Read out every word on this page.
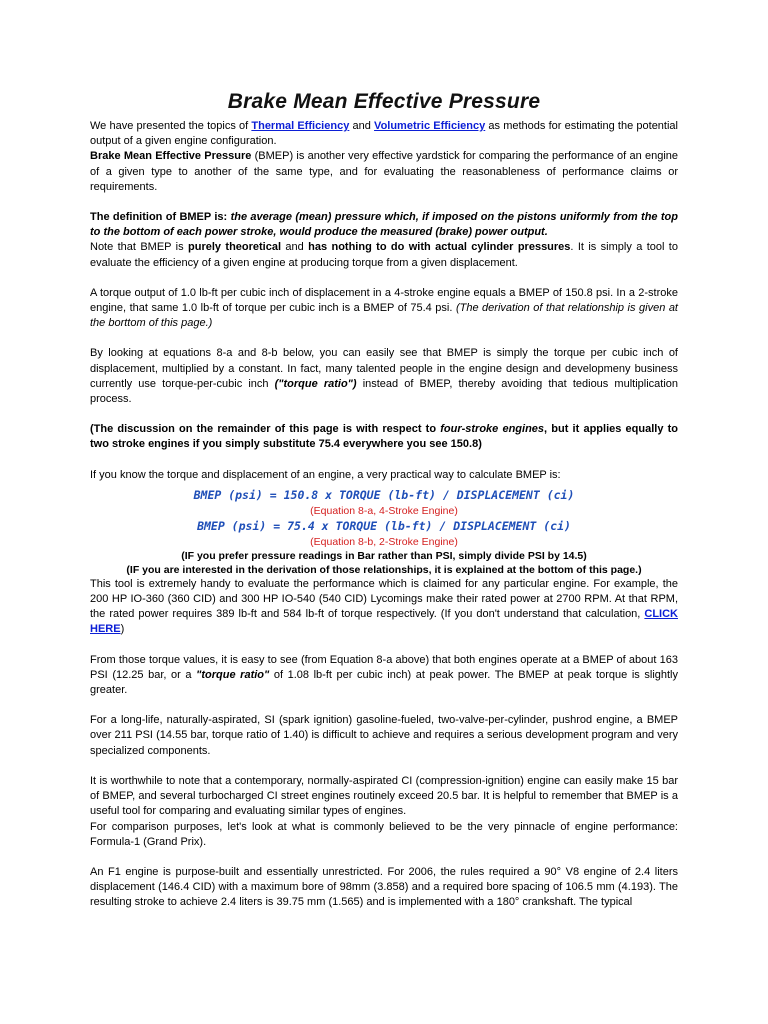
Brake Mean Effective Pressure

We have presented the topics of Thermal Efficiency and Volumetric Efficiency as methods for estimating the potential output of a given engine configuration.

Brake Mean Effective Pressure (BMEP) is another very effective yardstick for comparing the performance of an engine of a given type to another of the same type, and for evaluating the reasonableness of performance claims or requirements.

The definition of BMEP is: the average (mean) pressure which, if imposed on the pistons uniformly from the top to the bottom of each power stroke, would produce the measured (brake) power output.

Note that BMEP is purely theoretical and has nothing to do with actual cylinder pressures. It is simply a tool to evaluate the efficiency of a given engine at producing torque from a given displacement.

A torque output of 1.0 lb-ft per cubic inch of displacement in a 4-stroke engine equals a BMEP of 150.8 psi. In a 2-stroke engine, that same 1.0 lb-ft of torque per cubic inch is a BMEP of 75.4 psi. (The derivation of that relationship is given at the borttom of this page.)

By looking at equations 8-a and 8-b below, you can easily see that BMEP is simply the torque per cubic inch of displacement, multiplied by a constant. In fact, many talented people in the engine design and developmeny business currently use torque-per-cubic inch ("torque ratio") instead of BMEP, thereby avoiding that tedious multiplication process.

(The discussion on the remainder of this page is with respect to four-stroke engines, but it applies equally to two stroke engines if you simply substitute 75.4 everywhere you see 150.8)

If you know the torque and displacement of an engine, a very practical way to calculate BMEP is:

BMEP (psi) = 150.8 x TORQUE (lb-ft) / DISPLACEMENT (ci)

(Equation 8-a, 4-Stroke Engine)

BMEP (psi) = 75.4 x TORQUE (lb-ft) / DISPLACEMENT (ci)

(Equation 8-b, 2-Stroke Engine)

(IF you prefer pressure readings in Bar rather than PSI, simply divide PSI by 14.5)

(IF you are interested in the derivation of those relationships, it is explained at the bottom of this page.)

This tool is extremely handy to evaluate the performance which is claimed for any particular engine. For example, the 200 HP IO-360 (360 CID) and 300 HP IO-540 (540 CID) Lycomings make their rated power at 2700 RPM. At that RPM, the rated power requires 389 lb-ft and 584 lb-ft of torque respectively. (If you don't understand that calculation, CLICK HERE)

From those torque values, it is easy to see (from Equation 8-a above) that both engines operate at a BMEP of about 163 PSI (12.25 bar, or a "torque ratio" of 1.08 lb-ft per cubic inch) at peak power. The BMEP at peak torque is slightly greater.

For a long-life, naturally-aspirated, SI (spark ignition) gasoline-fueled, two-valve-per-cylinder, pushrod engine, a BMEP over 211 PSI (14.55 bar, torque ratio of 1.40) is difficult to achieve and requires a serious development program and very specialized components.

It is worthwhile to note that a contemporary, normally-aspirated CI (compression-ignition) engine can easily make 15 bar of BMEP, and several turbocharged CI street engines routinely exceed 20.5 bar. It is helpful to remember that BMEP is a useful tool for comparing and evaluating similar types of engines.

For comparison purposes, let's look at what is commonly believed to be the very pinnacle of engine performance: Formula-1 (Grand Prix).

An F1 engine is purpose-built and essentially unrestricted. For 2006, the rules required a 90° V8 engine of 2.4 liters displacement (146.4 CID) with a maximum bore of 98mm (3.858) and a required bore spacing of 106.5 mm (4.193). The resulting stroke to achieve 2.4 liters is 39.75 mm (1.565) and is implemented with a 180° crankshaft. The typical
